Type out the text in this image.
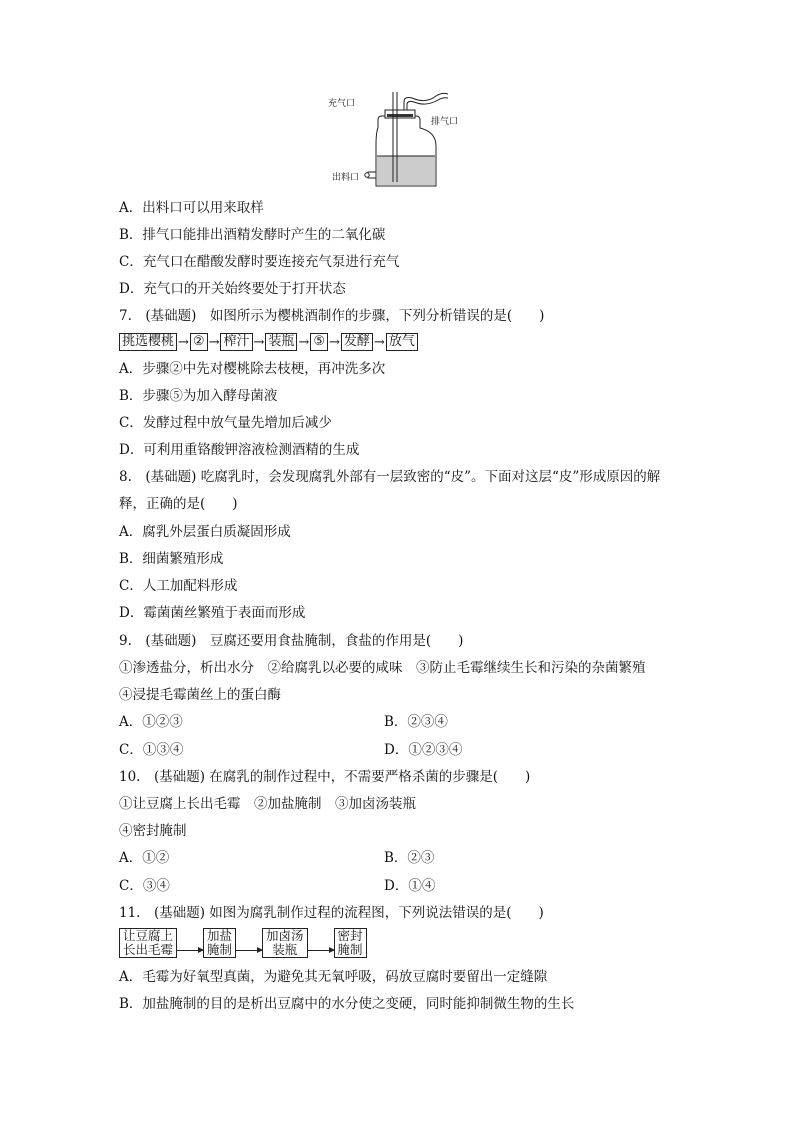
充气口
排气口
出料口
A．出料口可以用来取样
B．排气口能排出酒精发酵时产生的二氧化碳
C．充气口在醋酸发酵时要连接充气泵进行充气
D．充气口的开关始终要处于打开状态
7.　(基础题)　如图所示为樱桃酒制作的步骤，下列分析错误的是(　　)
挑选樱桃 → ② → 榨汁 → 装瓶 → ⑤ → 发酵 → 放气
A．步骤②中先对樱桃除去枝梗，再冲洗多次
B．步骤⑤为加入酵母菌液
C．发酵过程中放气量先增加后减少
D．可利用重铬酸钾溶液检测酒精的生成
8.　(基础题) 吃腐乳时，会发现腐乳外部有一层致密的“皮”。下面对这层“皮”形成原因的解
释，正确的是(　　)
A．腐乳外层蛋白质凝固形成
B．细菌繁殖形成
C．人工加配料形成
D．霉菌菌丝繁殖于表面而形成
9.　(基础题)　豆腐还要用食盐腌制，食盐的作用是(　　)
①渗透盐分，析出水分　②给腐乳以必要的咸味　③防止毛霉继续生长和污染的杂菌繁殖
④浸提毛霉菌丝上的蛋白酶
A．①②③	B．②③④
C．①③④	D．①②③④
10.　(基础题) 在腐乳的制作过程中，不需要严格杀菌的步骤是(　　)
①让豆腐上长出毛霉　②加盐腌制　③加卤汤装瓶
④密封腌制
A．①②	B．②③
C．③④	D．①④
11.　(基础题) 如图为腐乳制作过程的流程图，下列说法错误的是(　　)
让豆腐上
长出毛霉
加盐
腌制
加卤汤
装瓶
密封
腌制
A．毛霉为好氧型真菌，为避免其无氧呼吸，码放豆腐时要留出一定缝隙
B．加盐腌制的目的是析出豆腐中的水分使之变硬，同时能抑制微生物的生长
